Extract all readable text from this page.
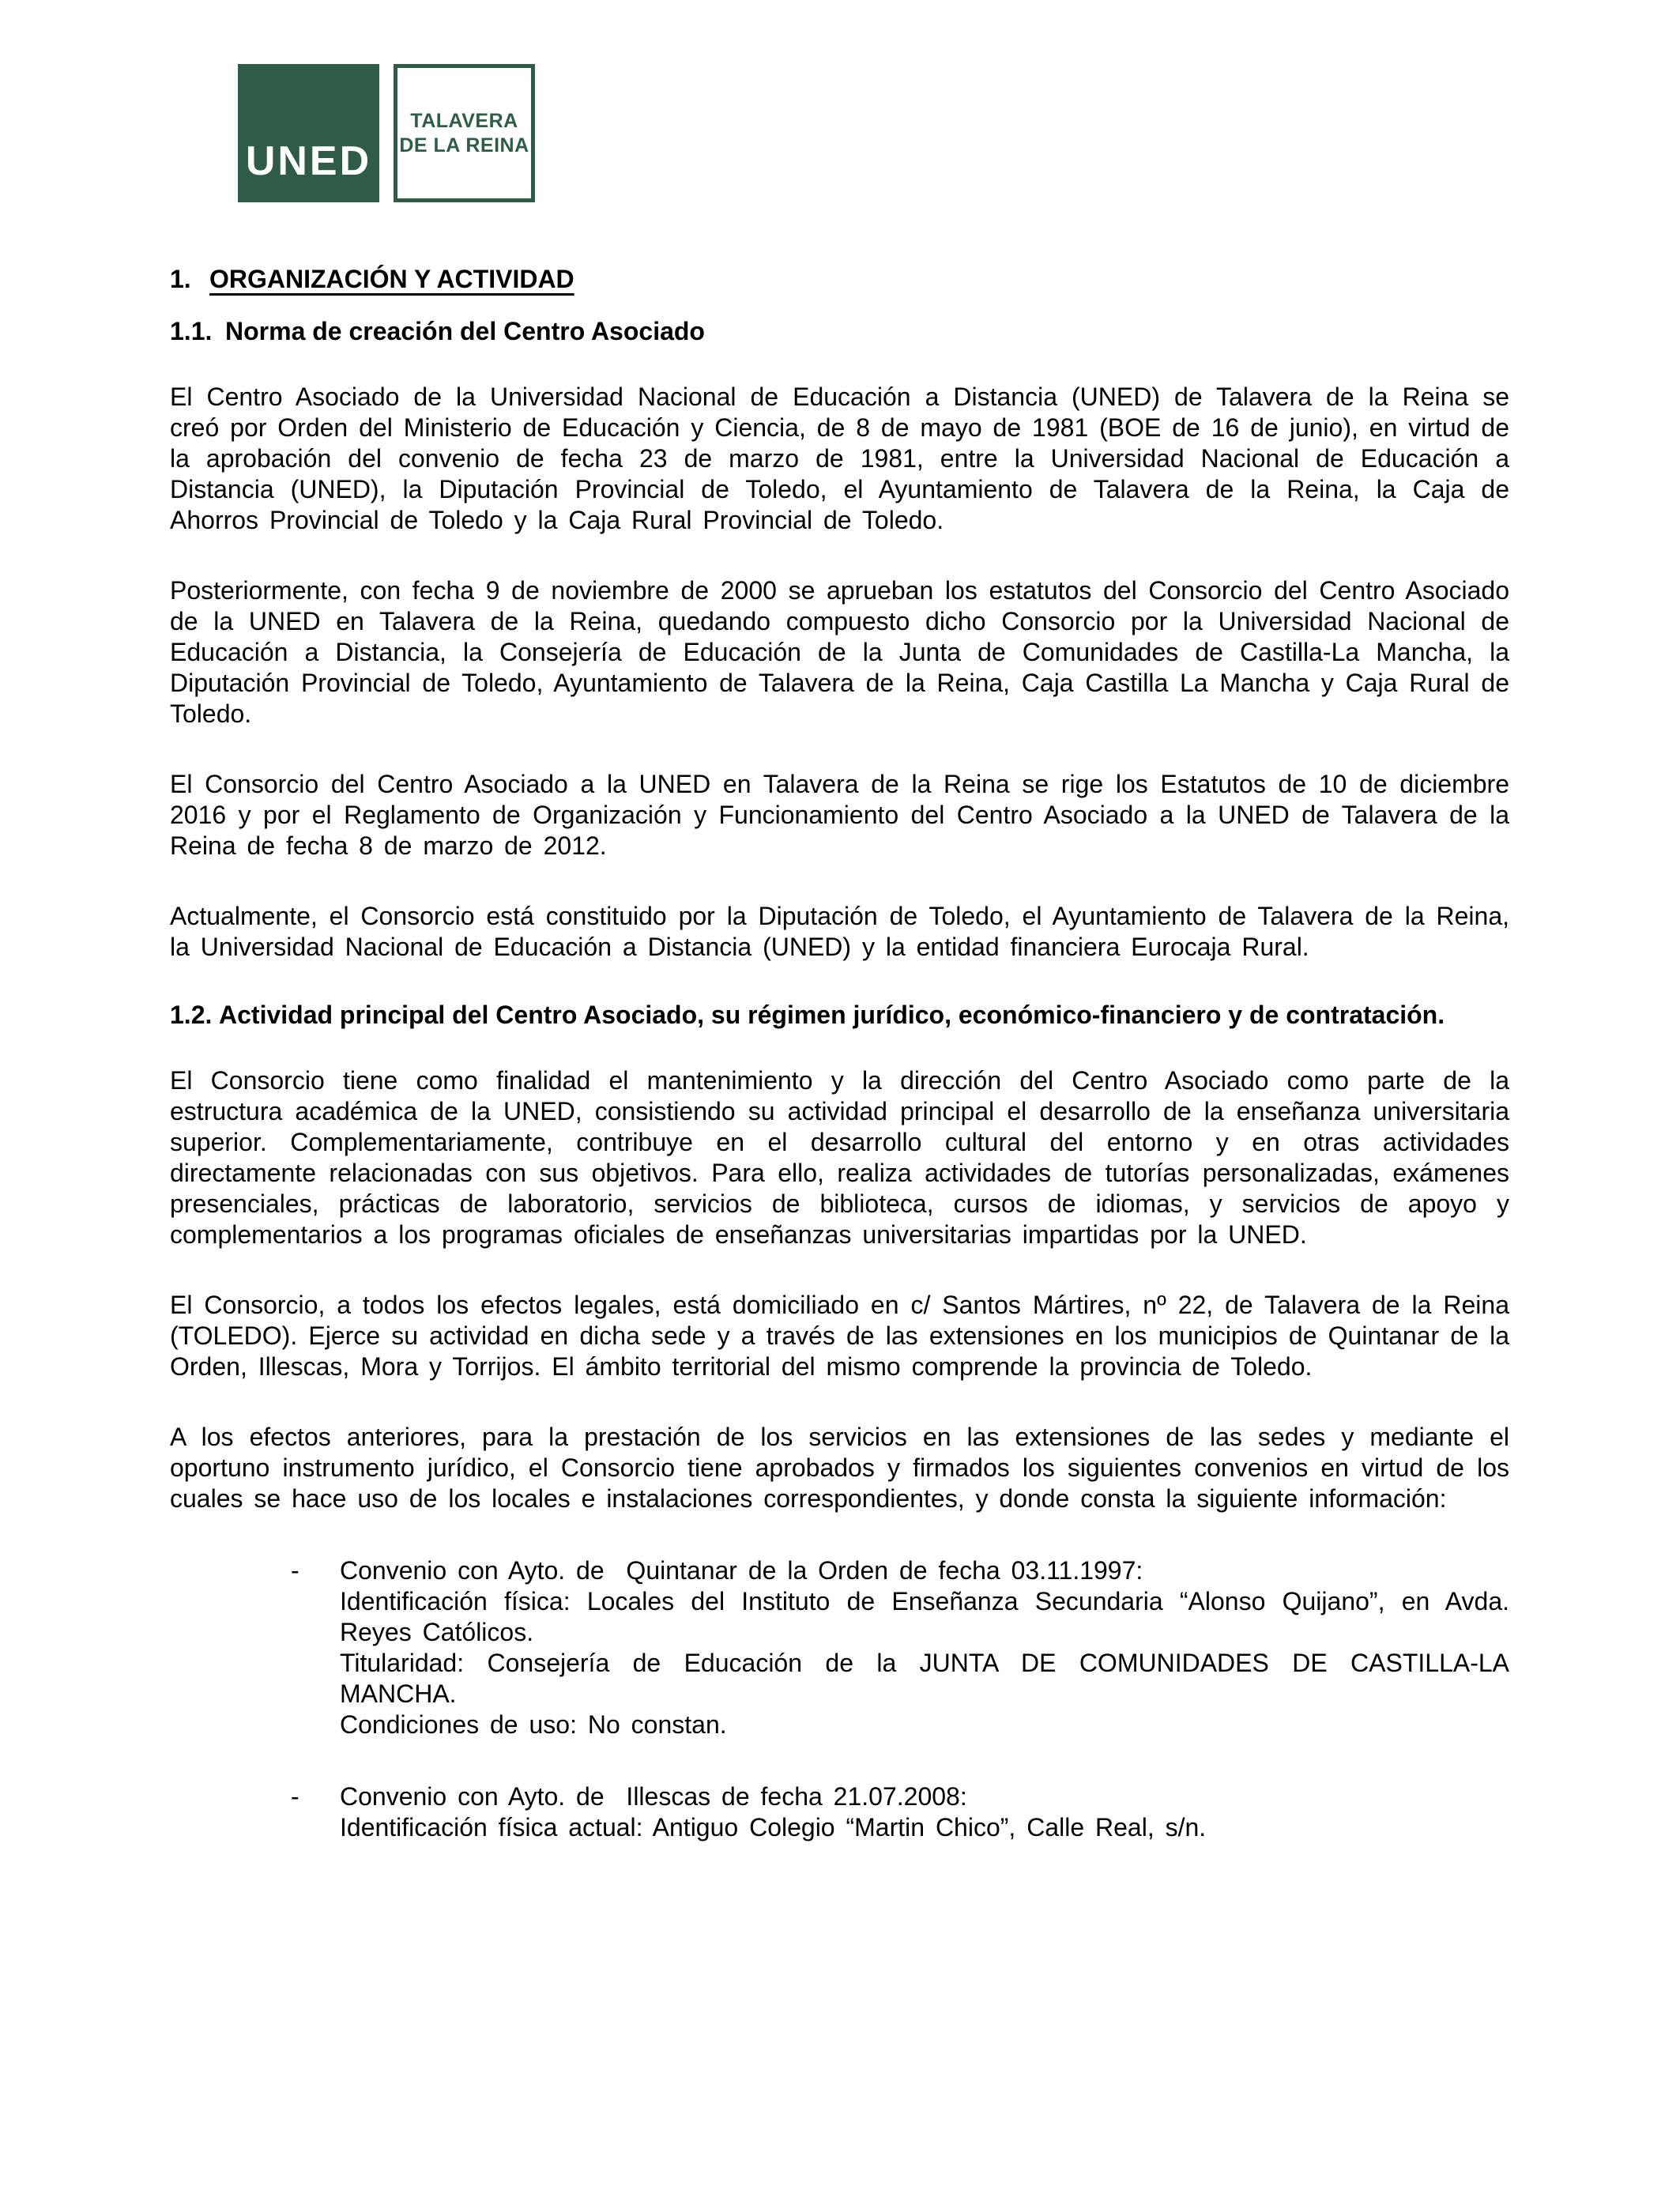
UNED
TALAVERA
DE LA REINA
1. ORGANIZACIÓN Y ACTIVIDAD
1.1. Norma de creación del Centro Asociado

El Centro Asociado de la Universidad Nacional de Educación a Distancia (UNED) de Talavera de la Reina se creó por Orden del Ministerio de Educación y Ciencia, de 8 de mayo de 1981 (BOE de 16 de junio), en virtud de la aprobación del convenio de fecha 23 de marzo de 1981, entre la Universidad Nacional de Educación a Distancia (UNED), la Diputación Provincial de Toledo, el Ayuntamiento de Talavera de la Reina, la Caja de Ahorros Provincial de Toledo y la Caja Rural Provincial de Toledo.

Posteriormente, con fecha 9 de noviembre de 2000 se aprueban los estatutos del Consorcio del Centro Asociado de la UNED en Talavera de la Reina, quedando compuesto dicho Consorcio por la Universidad Nacional de Educación a Distancia, la Consejería de Educación de la Junta de Comunidades de Castilla-La Mancha, la Diputación Provincial de Toledo, Ayuntamiento de Talavera de la Reina, Caja Castilla La Mancha y Caja Rural de Toledo.

El Consorcio del Centro Asociado a la UNED en Talavera de la Reina se rige los Estatutos de 10 de diciembre 2016 y por el Reglamento de Organización y Funcionamiento del Centro Asociado a la UNED de Talavera de la Reina de fecha 8 de marzo de 2012.

Actualmente, el Consorcio está constituido por la Diputación de Toledo, el Ayuntamiento de Talavera de la Reina, la Universidad Nacional de Educación a Distancia (UNED) y la entidad financiera Eurocaja Rural.

1.2. Actividad principal del Centro Asociado, su régimen jurídico, económico-financiero y de contratación.

El Consorcio tiene como finalidad el mantenimiento y la dirección del Centro Asociado como parte de la estructura académica de la UNED, consistiendo su actividad principal el desarrollo de la enseñanza universitaria superior. Complementariamente, contribuye en el desarrollo cultural del entorno y en otras actividades directamente relacionadas con sus objetivos. Para ello, realiza actividades de tutorías personalizadas, exámenes presenciales, prácticas de laboratorio, servicios de biblioteca, cursos de idiomas, y servicios de apoyo y complementarios a los programas oficiales de enseñanzas universitarias impartidas por la UNED.

El Consorcio, a todos los efectos legales, está domiciliado en c/ Santos Mártires, nº 22, de Talavera de la Reina (TOLEDO). Ejerce su actividad en dicha sede y a través de las extensiones en los municipios de Quintanar de la Orden, Illescas, Mora y Torrijos. El ámbito territorial del mismo comprende la provincia de Toledo.

A los efectos anteriores, para la prestación de los servicios en las extensiones de las sedes y mediante el oportuno instrumento jurídico, el Consorcio tiene aprobados y firmados los siguientes convenios en virtud de los cuales se hace uso de los locales e instalaciones correspondientes, y donde consta la siguiente información:

-	Convenio con Ayto. de  Quintanar de la Orden de fecha 03.11.1997:
Identificación física: Locales del Instituto de Enseñanza Secundaria “Alonso Quijano”, en Avda. Reyes Católicos.
Titularidad: Consejería de Educación de la JUNTA DE COMUNIDADES DE CASTILLA-LA MANCHA.
Condiciones de uso: No constan.
-	Convenio con Ayto. de  Illescas de fecha 21.07.2008:
Identificación física actual: Antiguo Colegio “Martin Chico”, Calle Real, s/n.
